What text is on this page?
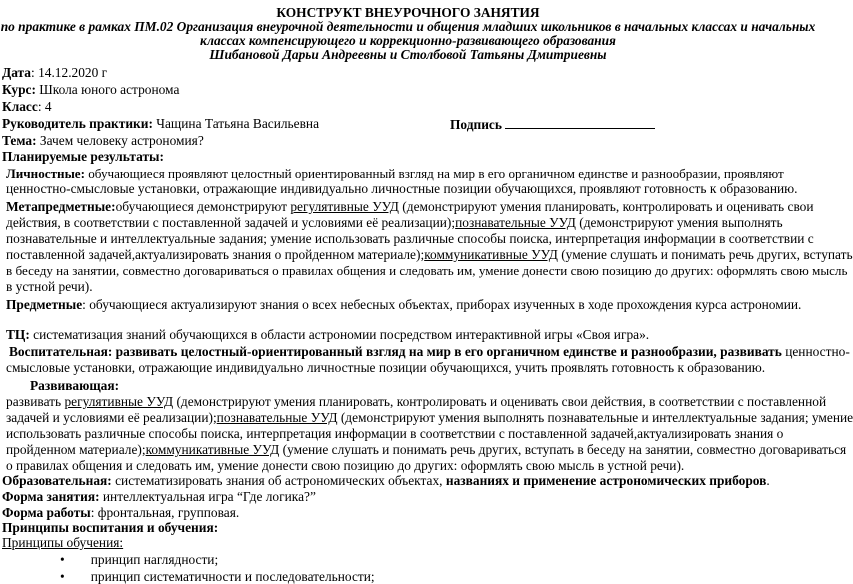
КОНСТРУКТ ВНЕУРОЧНОГО ЗАНЯТИЯ
по практике в рамках ПМ.02 Организация внеурочной деятельности и общения младших школьников в начальных классах и начальных
классах компенсирующего и коррекционно-развивающего образования
Шибановой Дарьи Андреевны и Столбовой Татьяны Дмитриевны
Дата: 14.12.2020 г
Курс: Школа юного астронома
Класс: 4
Руководитель практики: Чащина Татьяна Васильевна	Подпись
Тема: Зачем человеку астрономия?
Планируемые результаты:
Личностные: обучающиеся проявляют целостный ориентированный взгляд на мир в его органичном единстве и разнообразии, проявляют
ценностно-смысловые установки, отражающие индивидуально личностные позиции обучающихся, проявляют готовность к образованию.
Метапредметные:обучающиеся демонстрируют регулятивные УУД (демонстрируют умения планировать, контролировать и оценивать свои
действия, в соответствии с поставленной задачей и условиями её реализации);познавательные УУД (демонстрируют умения выполнять
познавательные и интеллектуальные задания; умение использовать различные способы поиска, интерпретация информации в соответствии с
поставленной задачей,актуализировать знания о пройденном материале);коммуникативные УУД (умение слушать и понимать речь других, вступать
в беседу на занятии, совместно договариваться о правилах общения и следовать им, умение донести свою позицию до других: оформлять свою мысль
в устной речи).
Предметные: обучающиеся актуализируют знания о всех небесных объектах, приборах изученных в ходе прохождения курса астрономии.
ТЦ: систематизация знаний обучающихся в области астрономии посредством интерактивной игры «Своя игра».
Воспитательная: развивать целостный-ориентированный взгляд на мир в его органичном единстве и разнообразии, развивать ценностно-
смысловые установки, отражающие индивидуально личностные позиции обучающихся, учить проявлять готовность к образованию.
Развивающая:
развивать регулятивные УУД (демонстрируют умения планировать, контролировать и оценивать свои действия, в соответствии с поставленной
задачей и условиями её реализации);познавательные УУД (демонстрируют умения выполнять познавательные и интеллектуальные задания; умение
использовать различные способы поиска, интерпретация информации в соответствии с поставленной задачей,актуализировать знания о
пройденном материале);коммуникативные УУД (умение слушать и понимать речь других, вступать в беседу на занятии, совместно договариваться
о правилах общения и следовать им, умение донести свою позицию до других: оформлять свою мысль в устной речи).
Образовательная: систематизировать знания об астрономических объектах, названиях и применение астрономических приборов.
Форма занятия: интеллектуальная игра “Где логика?”
Форма работы: фронтальная, групповая.
Принципы воспитания и обучения:
Принципы обучения:
• принцип наглядности;
• принцип систематичности и последовательности;
